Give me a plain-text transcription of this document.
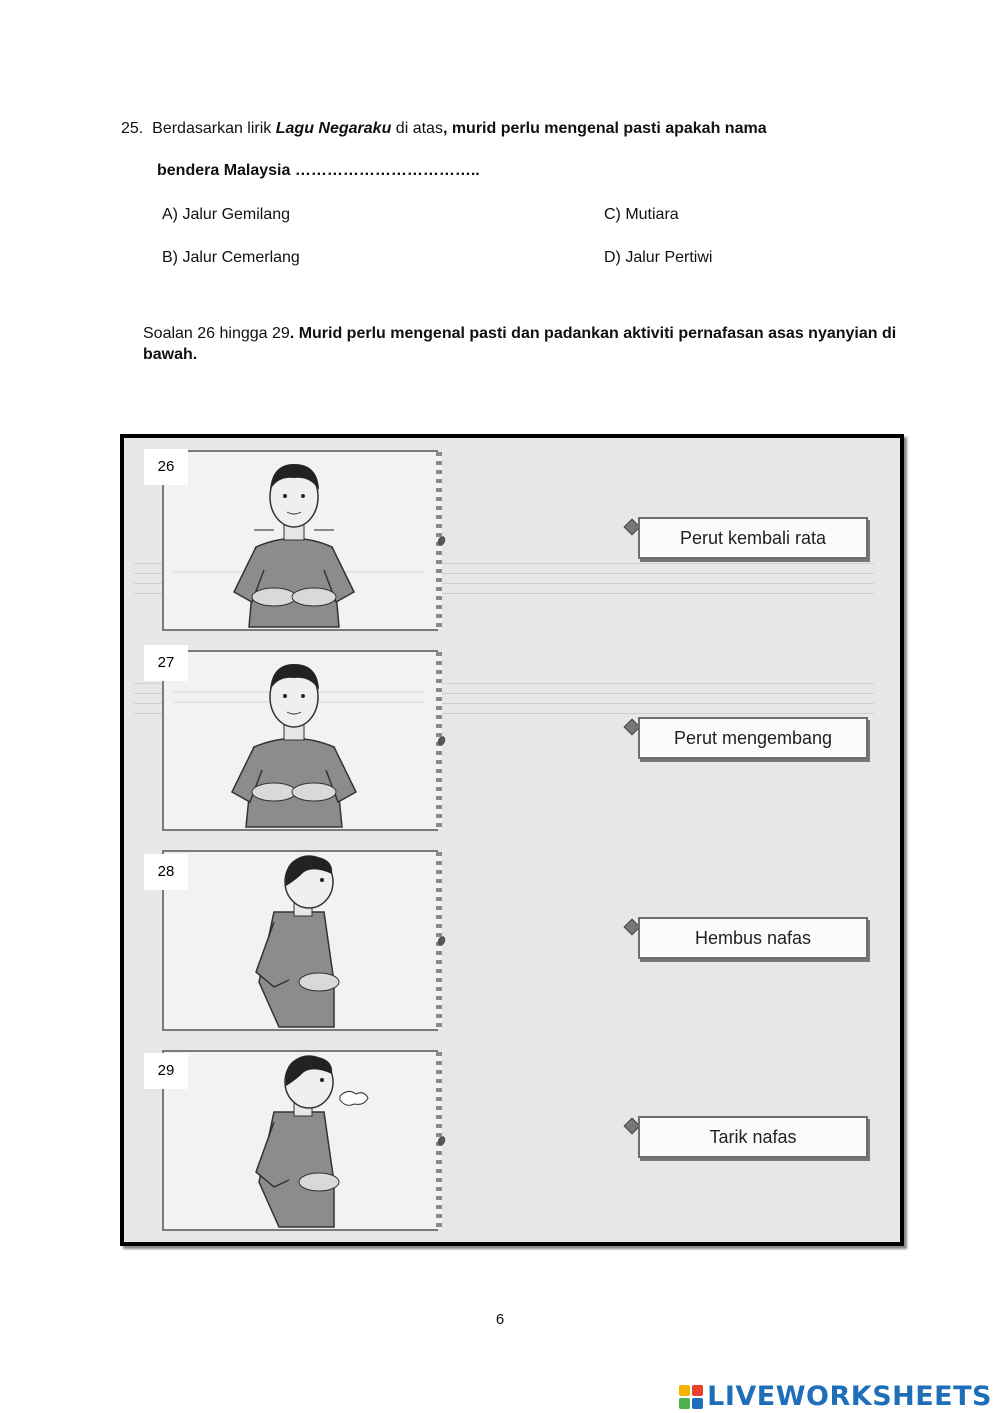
25. Berdasarkan lirik Lagu Negaraku di atas, murid perlu mengenal pasti apakah nama
bendera Malaysia ……………………………..
A) Jalur Gemilang	C) Mutiara
B) Jalur Cemerlang	D) Jalur Pertiwi
Soalan 26 hingga 29. Murid perlu mengenal pasti dan padankan aktiviti pernafasan asas nyanyian di bawah.
26
27
28
29
Perut kembali rata
Perut mengembang
Hembus nafas
Tarik nafas
6
LIVEWORKSHEETS
